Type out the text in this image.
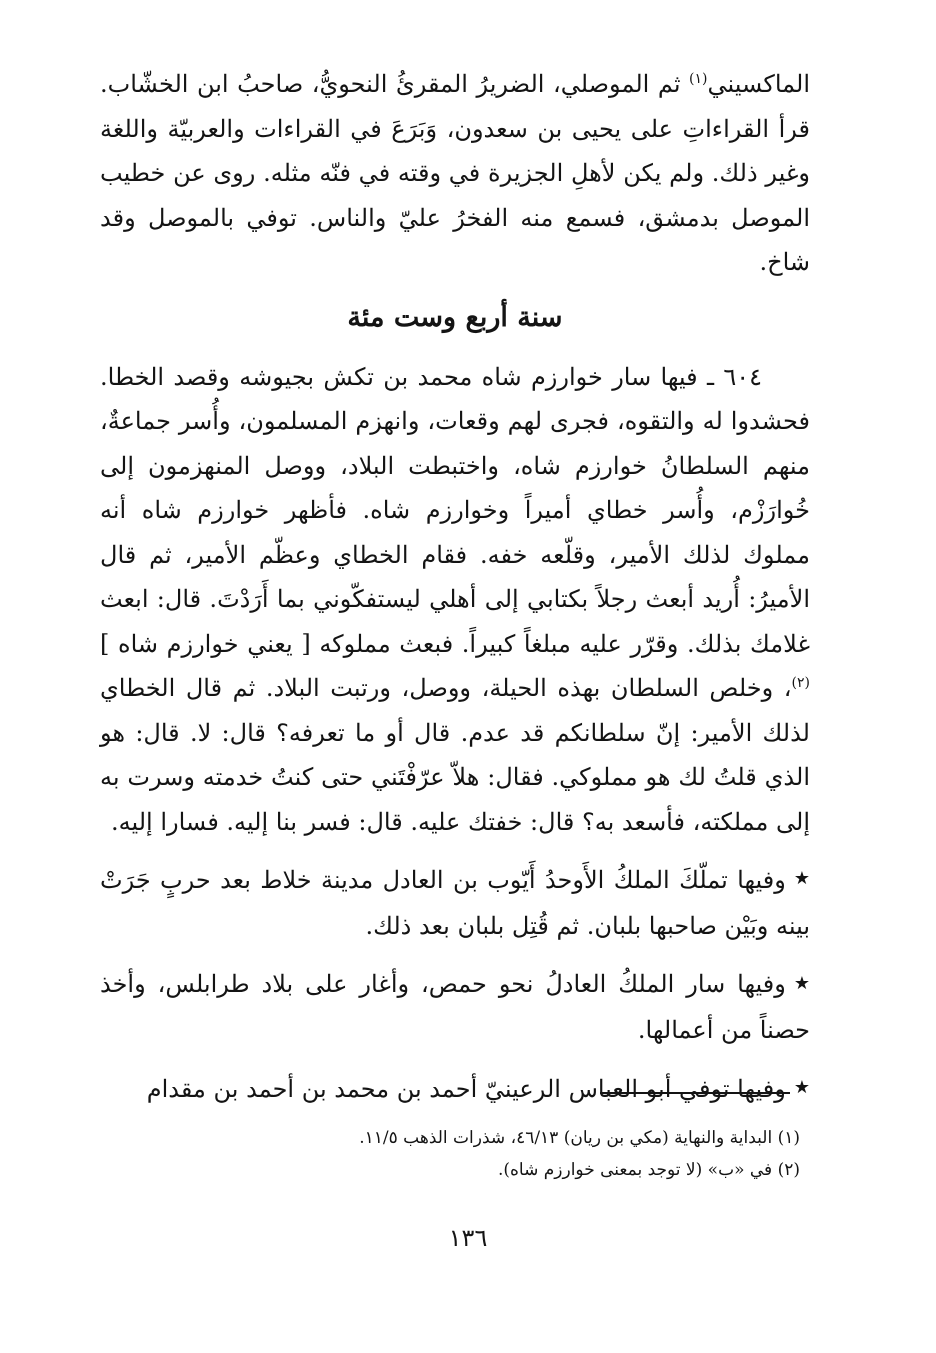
الماكسيني$^{(١)}$ ثم الموصلي، الضريرُ المقرئُ النحويُّ، صاحبُ ابن الخشّاب. قرأ القراءاتِ على يحيى بن سعدون، وَبَرَعَ في القراءات والعربيّة واللغة وغير ذلك. ولم يكن لأهلِ الجزيرة في وقته في فنّه مثله. روى عن خطيب الموصل بدمشق، فسمع منه الفخرُ عليّ والناس. توفي بالموصل وقد شاخ.

سنة أربع وست مئة

٦٠٤ ـ فيها سار خوارزم شاه محمد بن تكش بجيوشه وقصد الخطا. فحشدوا له والتقوه، فجرى لهم وقعات، وانهزم المسلمون، وأُسر جماعةٌ، منهم السلطانُ خوارزم شاه، واختبطت البلاد، ووصل المنهزمون إلى خُوارَزْم، وأُسر خطاي أميراً وخوارزم شاه. فأظهر خوارزم شاه أنه مملوك لذلك الأمير، وقلّعه خفه. فقام الخطاي وعظّم الأمير، ثم قال الأميرُ: أُريد أبعث رجلاً بكتابي إلى أهلي ليستفكّوني بما أَرَدْتَ. قال: ابعث غلامك بذلك. وقرّر عليه مبلغاً كبيراً. فبعث مملوكه [ يعني خوارزم شاه ]$^{(٢)}$، وخلص السلطان بهذه الحيلة، ووصل، ورتبت البلاد. ثم قال الخطاي لذلك الأمير: إنّ سلطانكم قد عدم. قال أو ما تعرفه؟ قال: لا. قال: هو الذي قلتُ لك هو مملوكي. فقال: هلاّ عرّفْتَني حتى كنتُ خدمته وسرت به إلى مملكته، فأسعد به؟ قال: خفتك عليه. قال: فسر بنا إليه. فسارا إليه.

★وفيها تملّكَ الملكُ الأَوحدُ أَيّوب بن العادل مدينة خلاط بعد حربٍ جَرَتْ بينه وبَيْن صاحبها بلبان. ثم قُتِل بلبان بعد ذلك.

★وفيها سار الملكُ العادلُ نحو حمص، وأغار على بلاد طرابلس، وأخذ حصناً من أعمالها.

★وفيها توفي أبو العباس الرعينيّ أحمد بن محمد بن أحمد بن مقدام

(١) البداية والنهاية (مكي بن ريان) ٤٦/١٣، شذرات الذهب ١١/٥.
(٢) في «ب» (لا توجد بمعنى خوارزم شاه).
١٣٦
